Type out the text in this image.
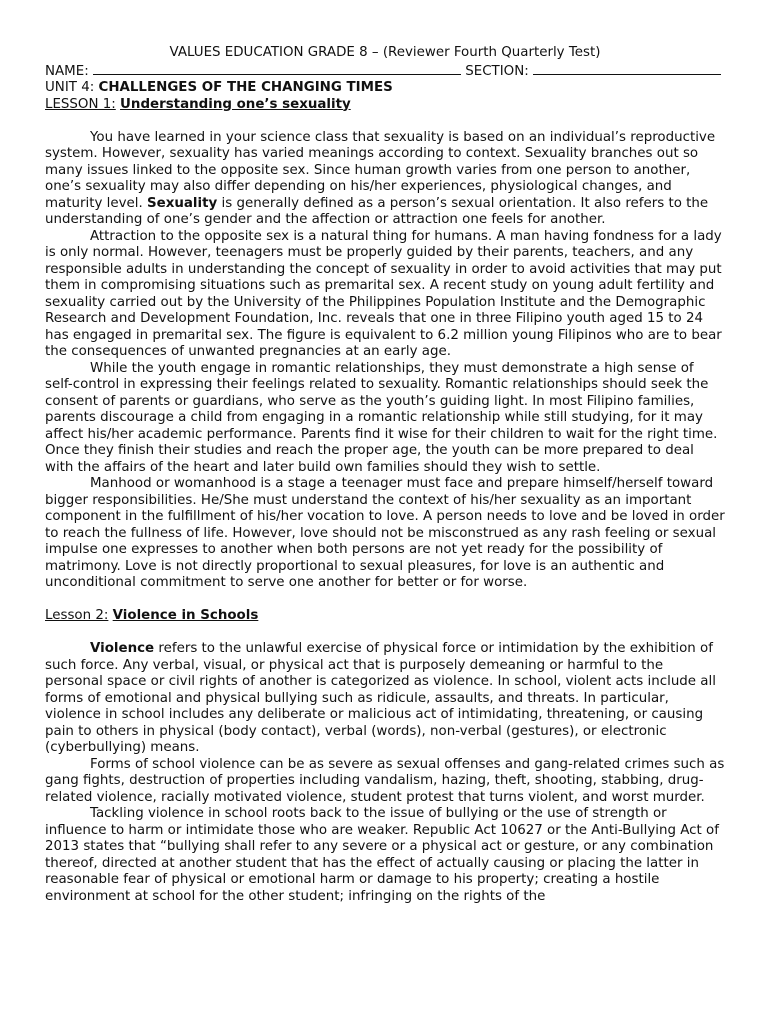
VALUES EDUCATION GRADE 8 – (Reviewer Fourth Quarterly Test)

NAME:	SECTION:

UNIT 4: CHALLENGES OF THE CHANGING TIMES

LESSON 1: Understanding one’s sexuality

You have learned in your science class that sexuality is based on an individual’s reproductive system. However, sexuality has varied meanings according to context. Sexuality branches out so many issues linked to the opposite sex. Since human growth varies from one person to another, one’s sexuality may also differ depending on his/her experiences, physiological changes, and maturity level. Sexuality is generally defined as a person’s sexual orientation. It also refers to the understanding of one’s gender and the affection or attraction one feels for another.

Attraction to the opposite sex is a natural thing for humans. A man having fondness for a lady is only normal. However, teenagers must be properly guided by their parents, teachers, and any responsible adults in understanding the concept of sexuality in order to avoid activities that may put them in compromising situations such as premarital sex. A recent study on young adult fertility and sexuality carried out by the University of the Philippines Population Institute and the Demographic Research and Development Foundation, Inc. reveals that one in three Filipino youth aged 15 to 24 has engaged in premarital sex. The figure is equivalent to 6.2 million young Filipinos who are to bear the consequences of unwanted pregnancies at an early age.

While the youth engage in romantic relationships, they must demonstrate a high sense of self-control in expressing their feelings related to sexuality. Romantic relationships should seek the consent of parents or guardians, who serve as the youth’s guiding light. In most Filipino families, parents discourage a child from engaging in a romantic relationship while still studying, for it may affect his/her academic performance. Parents find it wise for their children to wait for the right time. Once they finish their studies and reach the proper age, the youth can be more prepared to deal with the affairs of the heart and later build own families should they wish to settle.

Manhood or womanhood is a stage a teenager must face and prepare himself/herself toward bigger responsibilities. He/She must understand the context of his/her sexuality as an important component in the fulfillment of his/her vocation to love. A person needs to love and be loved in order to reach the fullness of life. However, love should not be misconstrued as any rash feeling or sexual impulse one expresses to another when both persons are not yet ready for the possibility of matrimony. Love is not directly proportional to sexual pleasures, for love is an authentic and unconditional commitment to serve one another for better or for worse.

Lesson 2: Violence in Schools

Violence refers to the unlawful exercise of physical force or intimidation by the exhibition of such force. Any verbal, visual, or physical act that is purposely demeaning or harmful to the personal space or civil rights of another is categorized as violence. In school, violent acts include all forms of emotional and physical bullying such as ridicule, assaults, and threats. In particular, violence in school includes any deliberate or malicious act of intimidating, threatening, or causing pain to others in physical (body contact), verbal (words), non-verbal (gestures), or electronic (cyberbullying) means.

Forms of school violence can be as severe as sexual offenses and gang-related crimes such as gang fights, destruction of properties including vandalism, hazing, theft, shooting, stabbing, drug-related violence, racially motivated violence, student protest that turns violent, and worst murder.

Tackling violence in school roots back to the issue of bullying or the use of strength or influence to harm or intimidate those who are weaker. Republic Act 10627 or the Anti-Bullying Act of 2013 states that “bullying shall refer to any severe or a physical act or gesture, or any combination thereof, directed at another student that has the effect of actually causing or placing the latter in reasonable fear of physical or emotional harm or damage to his property; creating a hostile environment at school for the other student; infringing on the rights of the
